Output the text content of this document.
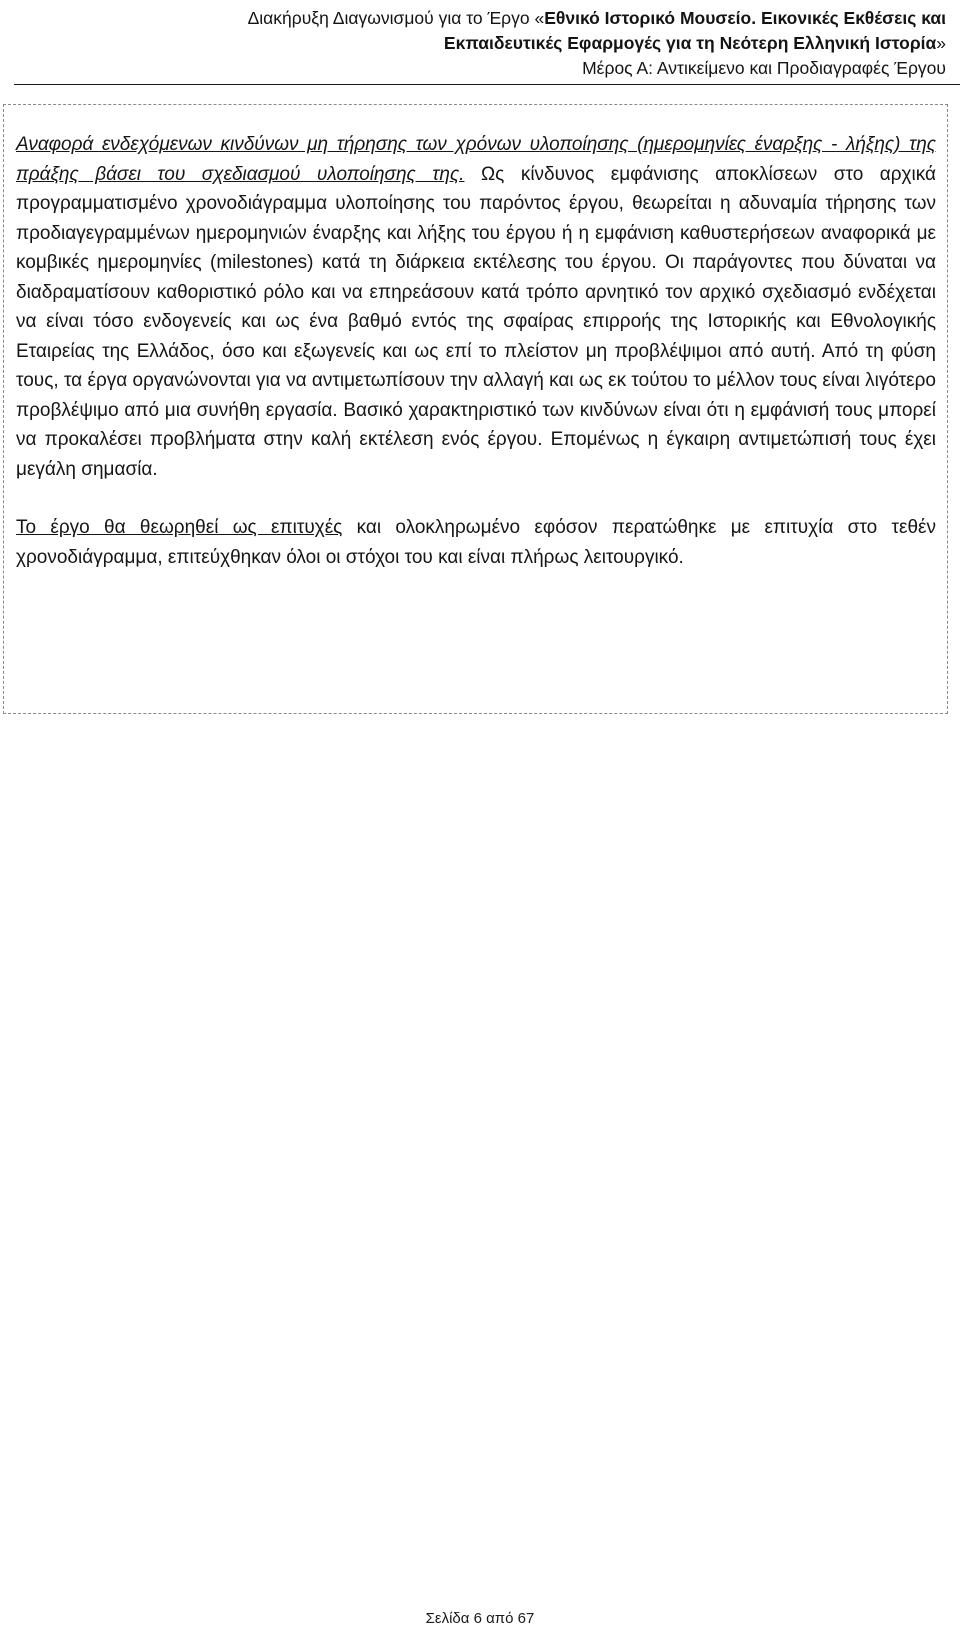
Διακήρυξη Διαγωνισμού για το Έργο «Εθνικό Ιστορικό Μουσείο. Εικονικές Εκθέσεις και
Εκπαιδευτικές Εφαρμογές για τη Νεότερη Ελληνική Ιστορία»
Μέρος Α: Αντικείμενο και Προδιαγραφές Έργου

Αναφορά ενδεχόμενων κινδύνων μη τήρησης των χρόνων υλοποίησης (ημερομηνίες έναρξης - λήξης) της πράξης βάσει του σχεδιασμού υλοποίησης της. Ως κίνδυνος εμφάνισης αποκλίσεων στο αρχικά προγραμματισμένο χρονοδιάγραμμα υλοποίησης του παρόντος έργου, θεωρείται η αδυναμία τήρησης των προδιαγεγραμμένων ημερομηνιών έναρξης και λήξης του έργου ή η εμφάνιση καθυστερήσεων αναφορικά με κομβικές ημερομηνίες (milestones) κατά τη διάρκεια εκτέλεσης του έργου. Οι παράγοντες που δύναται να διαδραματίσουν καθοριστικό ρόλο και να επηρεάσουν κατά τρόπο αρνητικό τον αρχικό σχεδιασμό ενδέχεται να είναι τόσο ενδογενείς και ως ένα βαθμό εντός της σφαίρας επιρροής της Ιστορικής και Εθνολογικής Εταιρείας της Ελλάδος, όσο και εξωγενείς και ως επί το πλείστον μη προβλέψιμοι από αυτή. Από τη φύση τους, τα έργα οργανώνονται για να αντιμετωπίσουν την αλλαγή και ως εκ τούτου το μέλλον τους είναι λιγότερο προβλέψιμο από μια συνήθη εργασία. Βασικό χαρακτηριστικό των κινδύνων είναι ότι η εμφάνισή τους μπορεί να προκαλέσει προβλήματα στην καλή εκτέλεση ενός έργου. Επομένως η έγκαιρη αντιμετώπισή τους έχει μεγάλη σημασία.

Το έργο θα θεωρηθεί ως επιτυχές και ολοκληρωμένο εφόσον περατώθηκε με επιτυχία στο τεθέν χρονοδιάγραμμα, επιτεύχθηκαν όλοι οι στόχοι του και είναι πλήρως λειτουργικό.

Σελίδα 6 από 67
